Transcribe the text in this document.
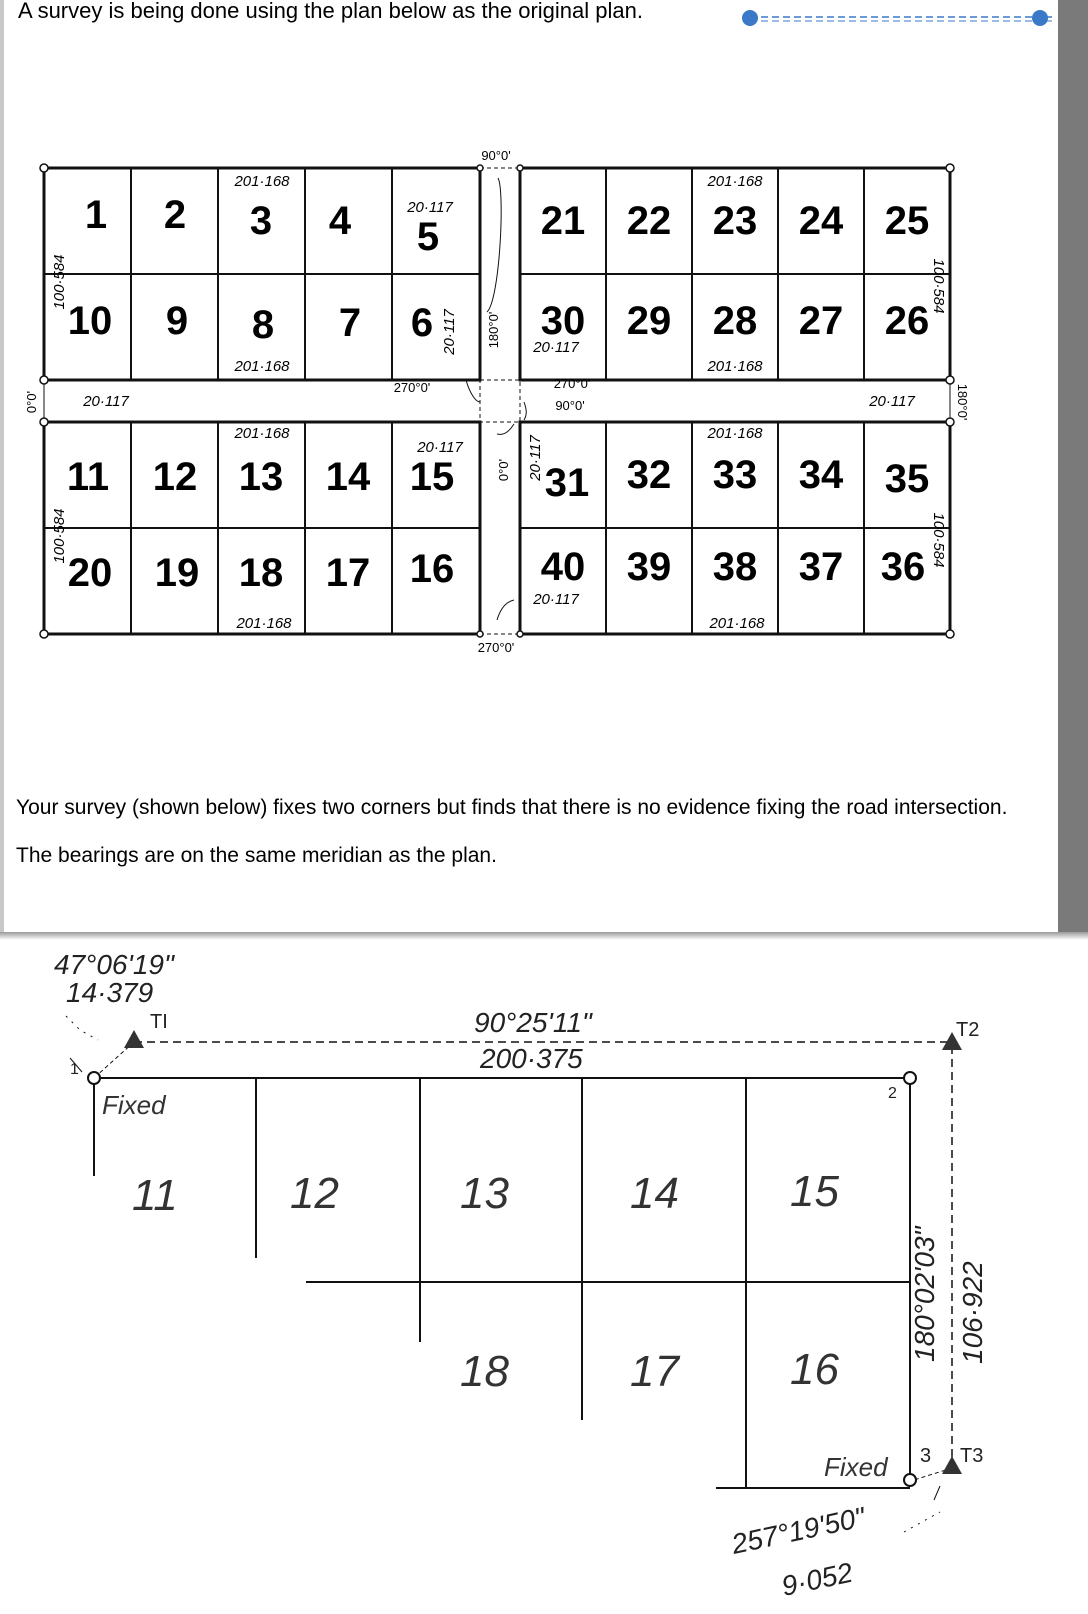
A survey is being done using the plan below as the original plan.

1 2 3 4 5
10 9 8 7 6
21 22 23 24 25
30 29 28 27 26
11 12 13 14 15
20 19 18 17 16
31 32 33 34 35
40 39 38 37 36
201·168	201·168
201·168	201·168
201·168	201·168
201·168	201·168
20·117
20·117
20·117	20·117
20·117
20·117
20·117
20·117
100·584
100·584
100·584
100·584
90°0'
270°0'	270°0'
90°0'
270°0'
180°0'
0°0'
0°0'	180°0'

Your survey (shown below) fixes two corners but finds that there is no evidence fixing the road intersection. The bearings are on the same meridian as the plan.

47°06'19"
14·379
90°25'11"
200·375
257°19'50"
9·052
180°02'03" 106·922
11	12	13	14	15
18	17	16
TI	T2
T3
2
3
1
Fixed
Fixed
